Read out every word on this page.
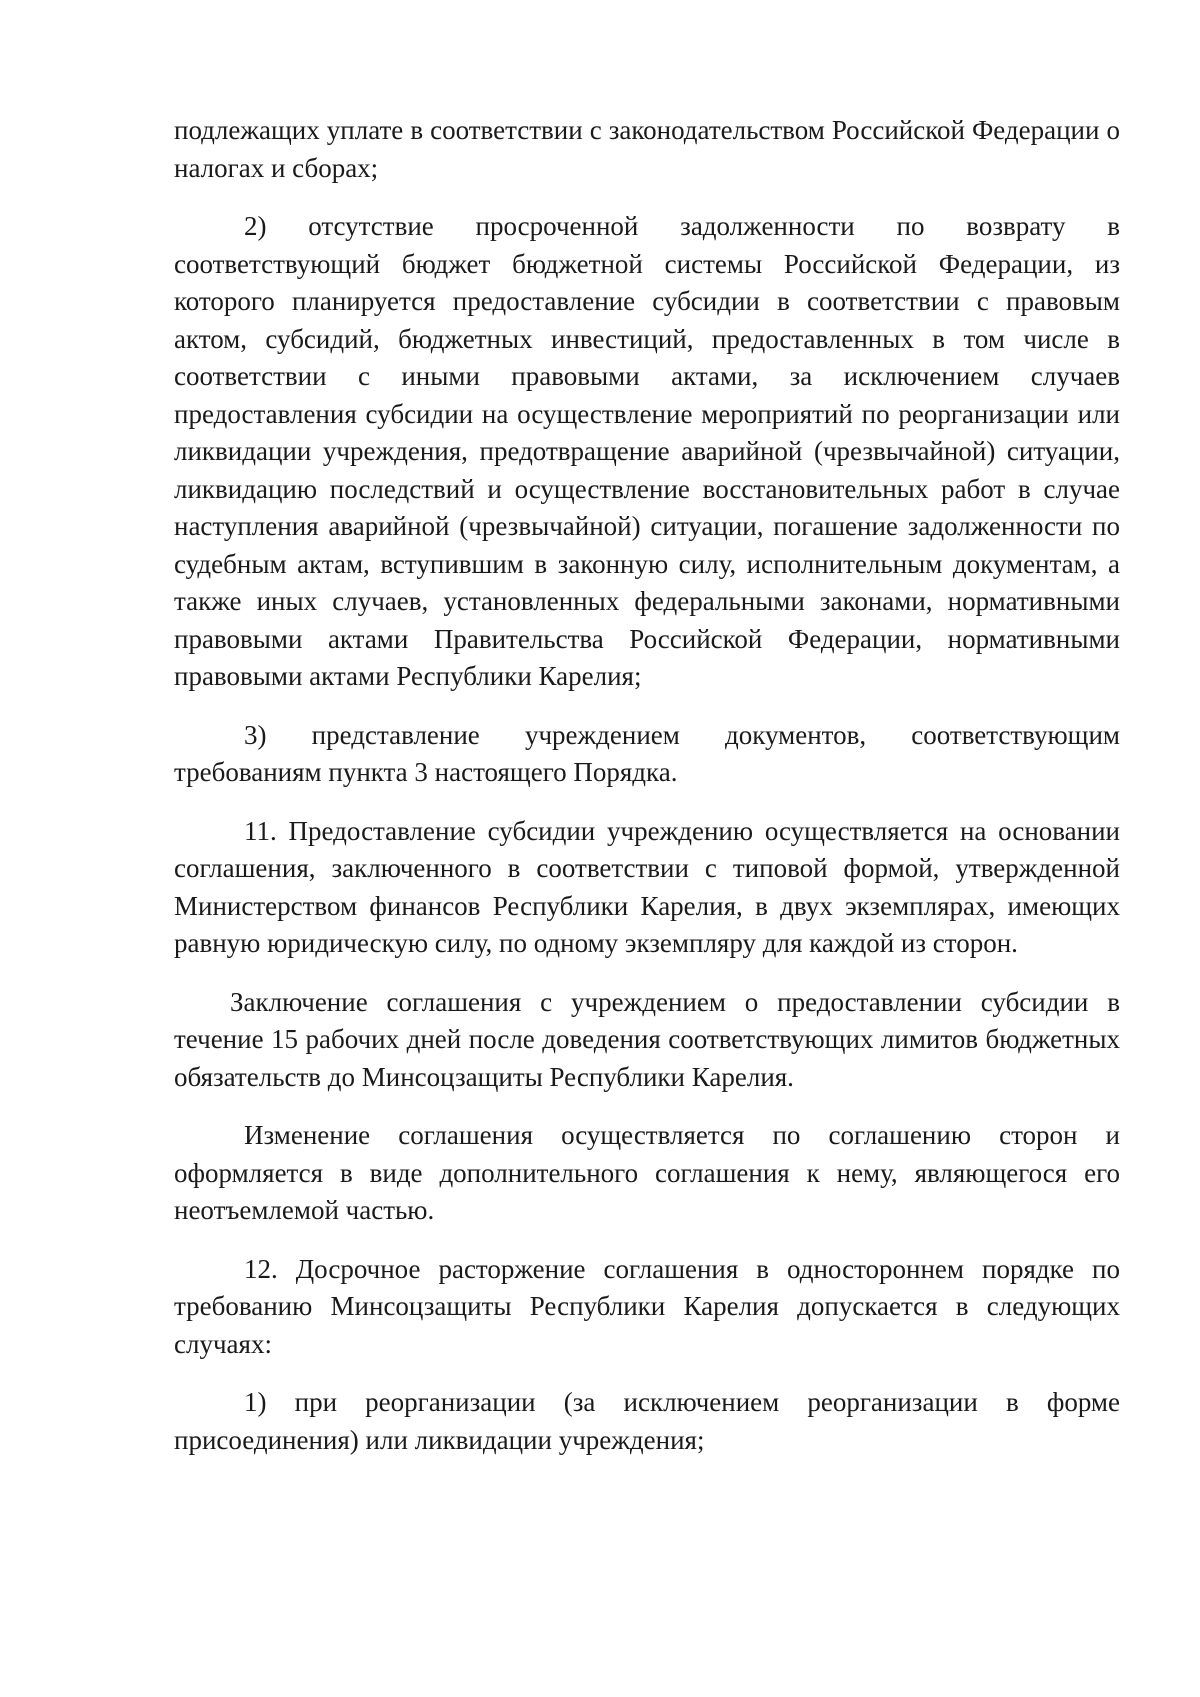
подлежащих уплате в соответствии с законодательством Российской Федерации о налогах и сборах;

2) отсутствие просроченной задолженности по возврату в соответствующий бюджет бюджетной системы Российской Федерации, из которого планируется предоставление субсидии в соответствии с правовым актом, субсидий, бюджетных инвестиций, предоставленных в том числе в соответствии с иными правовыми актами, за исключением случаев предоставления субсидии на осуществление мероприятий по реорганизации или ликвидации учреждения, предотвращение аварийной (чрезвычайной) ситуации, ликвидацию последствий и осуществление восстановительных работ в случае наступления аварийной (чрезвычайной) ситуации, погашение задолженности по судебным актам, вступившим в законную силу, исполнительным документам, а также иных случаев, установленных федеральными законами, нормативными правовыми актами Правительства Российской Федерации, нормативными правовыми актами Республики Карелия;

3) представление учреждением документов, соответствующим требованиям пункта 3 настоящего Порядка.

11. Предоставление субсидии учреждению осуществляется на основании соглашения, заключенного в соответствии с типовой формой, утвержденной Министерством финансов Республики Карелия, в двух экземплярах, имеющих равную юридическую силу, по одному экземпляру для каждой из сторон.

Заключение соглашения с учреждением о предоставлении субсидии в течение 15 рабочих дней после доведения соответствующих лимитов бюджетных обязательств до Минсоцзащиты Республики Карелия.

Изменение соглашения осуществляется по соглашению сторон и оформляется в виде дополнительного соглашения к нему, являющегося его неотъемлемой частью.

12. Досрочное расторжение соглашения в одностороннем порядке по требованию Минсоцзащиты Республики Карелия допускается в следующих случаях:

1) при реорганизации (за исключением реорганизации в форме присоединения) или ликвидации учреждения;
